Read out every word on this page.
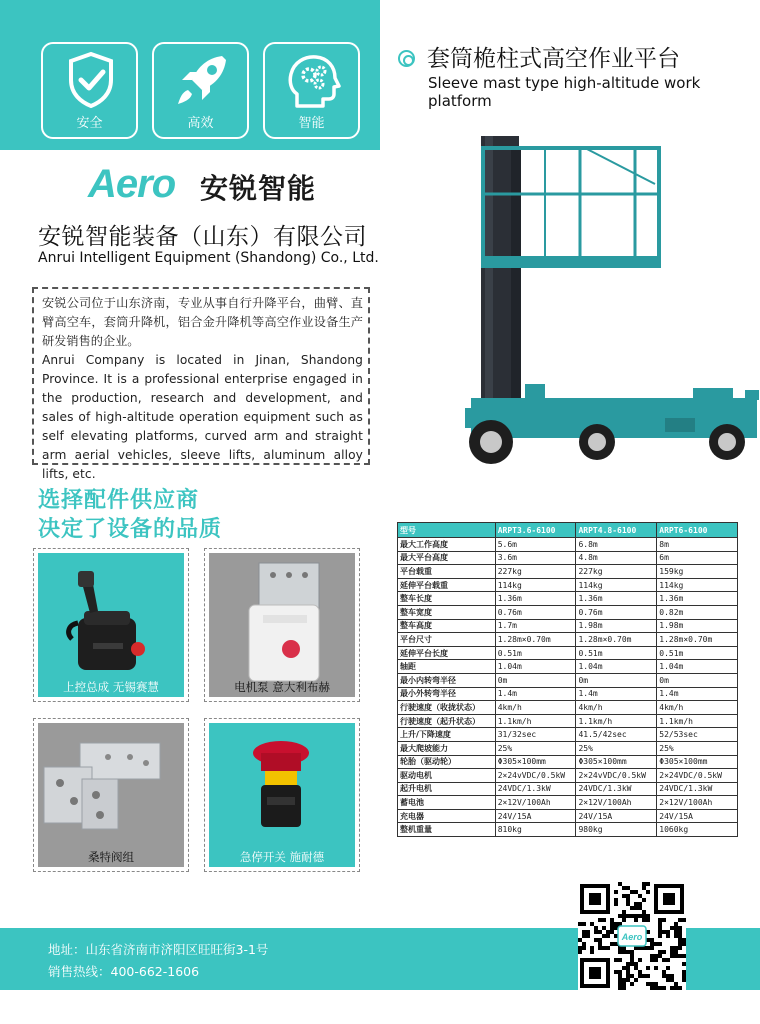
安全	高效	智能
套筒桅柱式高空作业平台
Sleeve mast type high-altitude work platform
Aero 安锐智能
安锐智能装备（山东）有限公司
Anrui Intelligent Equipment (Shandong) Co., Ltd.

安锐公司位于山东济南，专业从事自行升降平台，曲臂、直臂高空车，套筒升降机，铝合金升降机等高空作业设备生产研发销售的企业。

Anrui Company is located in Jinan, Shandong Province. It is a professional enterprise engaged in the production, research and development, and sales of high-altitude operation equipment such as self elevating platforms, curved arm and straight arm aerial vehicles, sleeve lifts, aluminum alloy lifts, etc.

选择配件供应商
决定了设备的品质
上控总成 无锡赛慧	电机泵 意大利布赫
桑特阀组	急停开关 施耐德
型号	ARPT3.6-6100	ARPT4.8-6100	ARPT6-6100
最大工作高度	5.6m	6.8m	8m
最大平台高度	3.6m	4.8m	6m
平台载重	227kg	227kg	159kg
延伸平台载重	114kg	114kg	114kg
整车长度	1.36m	1.36m	1.36m
整车宽度	0.76m	0.76m	0.82m
整车高度	1.7m	1.98m	1.98m
平台尺寸	1.28m×0.70m	1.28m×0.70m	1.28m×0.70m
延伸平台长度	0.51m	0.51m	0.51m
轴距	1.04m	1.04m	1.04m
最小内转弯半径	0m	0m	0m
最小外转弯半径	1.4m	1.4m	1.4m
行驶速度（收拢状态）	4km/h	4km/h	4km/h
行驶速度（起升状态）	1.1km/h	1.1km/h	1.1km/h
上升/下降速度	31/32sec	41.5/42sec	52/53sec
最大爬坡能力	25%	25%	25%
轮胎（驱动轮）	Φ305×100mm	Φ305×100mm	Φ305×100mm
驱动电机	2×24vVDC/0.5kW	2×24vVDC/0.5kW	2×24VDC/0.5kW
起升电机	24VDC/1.3kW	24VDC/1.3kW	24VDC/1.3kW
蓄电池	2×12V/100Ah	2×12V/100Ah	2×12V/100Ah
充电器	24V/15A	24V/15A	24V/15A
整机重量	810kg	980kg	1060kg
地址：山东省济南市济阳区旺旺街3-1号
销售热线：400-662-1606
Aero
